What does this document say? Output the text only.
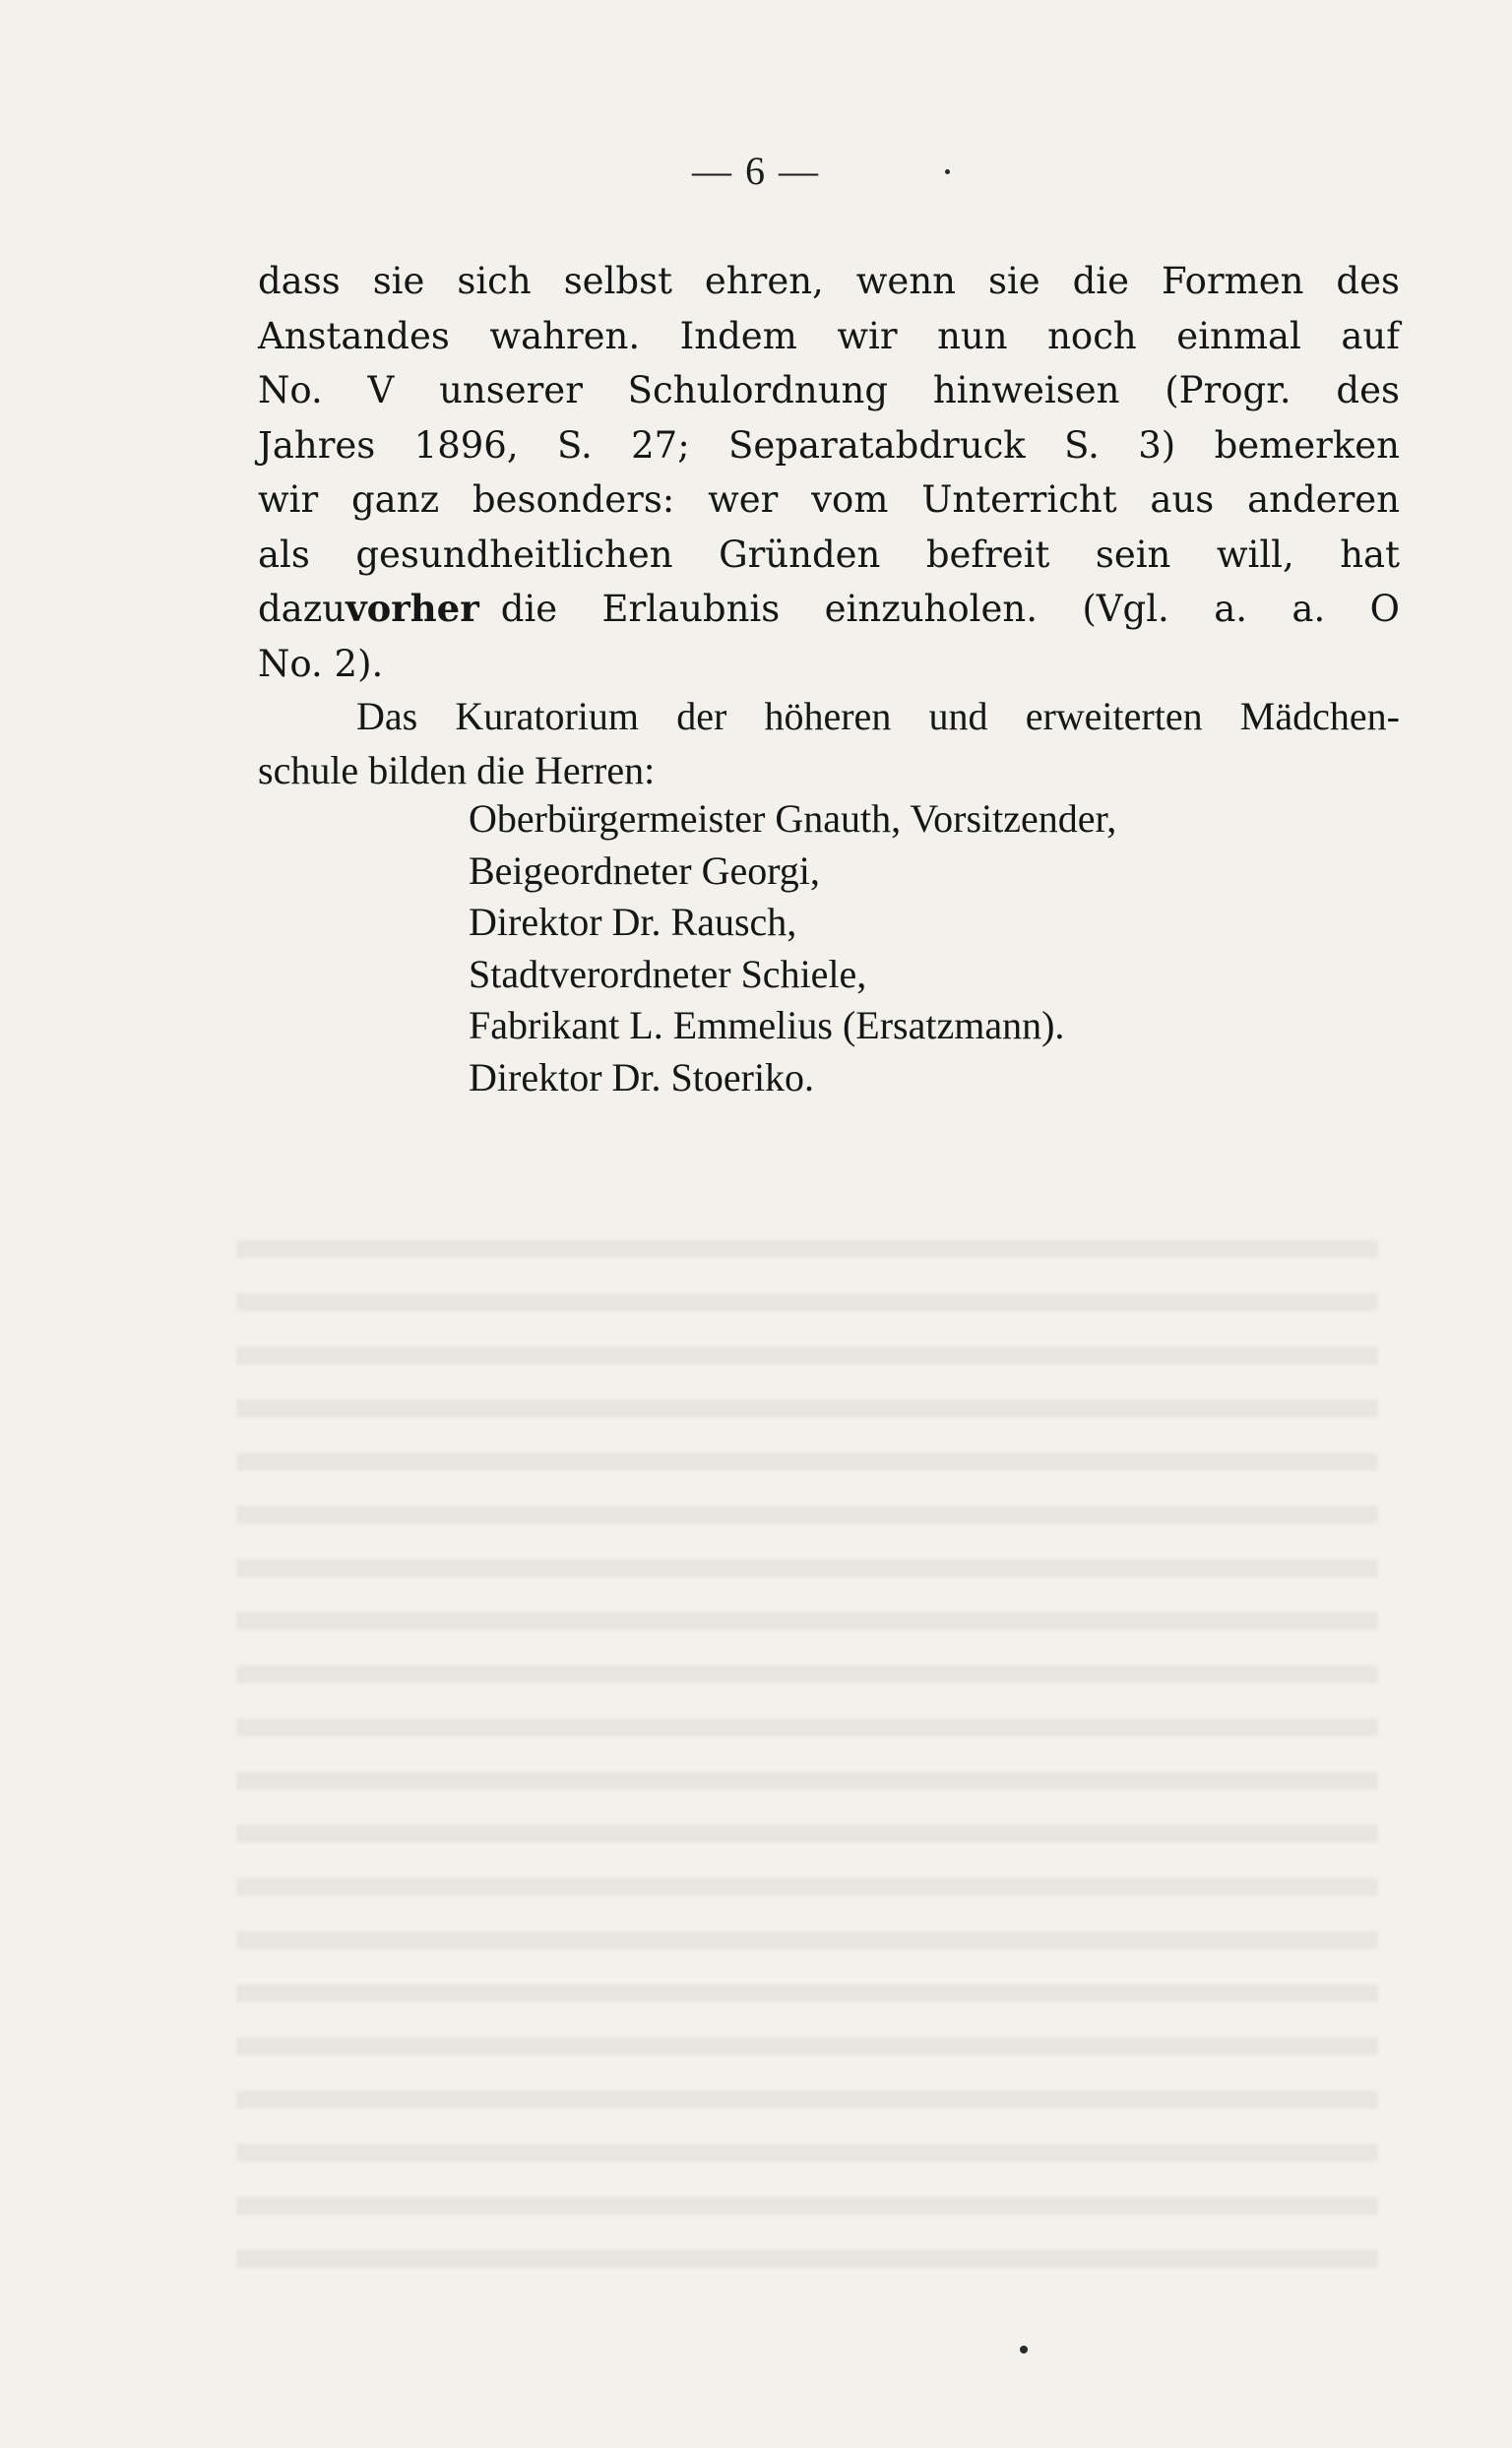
— 6 —
dass sie sich selbst ehren, wenn sie die Formen des
Anstandes wahren. Indem wir nun noch einmal auf
No. V unserer Schulordnung hinweisen (Progr. des
Jahres 1896, S. 27; Separatabdruck S. 3) bemerken
wir ganz besonders: wer vom Unterricht aus anderen
als gesundheitlichen Gründen befreit sein will, hat
dazu vorher die Erlaubnis einzuholen. (Vgl. a. a. O
No. 2).
Das Kuratorium der höheren und erweiterten Mädchen-
schule bilden die Herren:
Oberbürgermeister Gnauth, Vorsitzender,
Beigeordneter Georgi,
Direktor Dr. Rausch,
Stadtverordneter Schiele,
Fabrikant L. Emmelius (Ersatzmann).
Direktor Dr. Stoeriko.
